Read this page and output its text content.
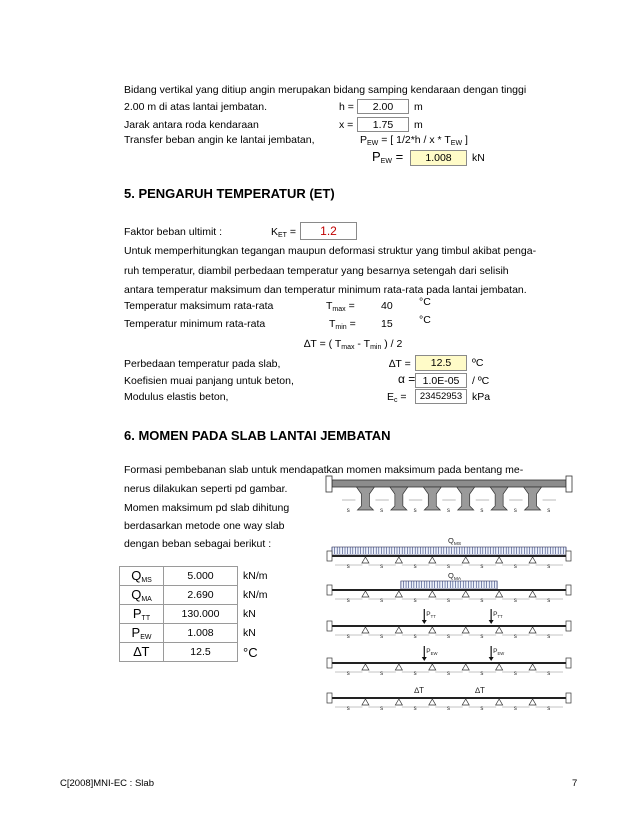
Bidang vertikal yang ditiup angin merupakan bidang samping kendaraan dengan tinggi
2.00 m di atas lantai jembatan.	h =	2.00	m
Jarak antara roda kendaraan	x =	1.75	m
Transfer beban angin ke lantai jembatan,	$P_{EW}$ = [ 1/2*h / x * $T_{EW}$ ]
$P_{EW}$ =	1.008	kN
5. PENGARUH TEMPERATUR (ET)
Faktor beban ultimit :	$K_{ET}$ =	1.2
Untuk memperhitungkan tegangan maupun deformasi struktur yang timbul akibat penga-
ruh temperatur, diambil perbedaan temperatur yang besarnya setengah dari selisih
antara temperatur maksimum dan temperatur minimum rata-rata pada lantai jembatan.
Temperatur maksimum rata-rata	$T_{max}$ =	40	°C
Temperatur minimum rata-rata	$T_{min} = 15$	°C
∆T = ( $T_{max} - T_{min}$ ) / 2
Perbedaan temperatur pada slab,	∆T =	12.5	ºC
Koefisien muai panjang untuk beton,	α = 1.0E-05	/ ºC
Modulus elastis beton,	$E_c$ =	23452953 kPa
6. MOMEN PADA SLAB LANTAI JEMBATAN
Formasi pembebanan slab untuk mendapatkan momen maksimum pada bentang me-
nerus dilakukan seperti pd gambar.
Momen maksimum pd slab dihitung
berdasarkan metode one way slab
dengan beban sebagai berikut :
$Q_{MS}$	5.000	kN/m
$Q_{MA}$	2.690	kN/m
$P_{TT}$	130.000	kN
$P_{EW}$	1.008	kN
∆T	12.5	°C
s	s	s	s	s	s	s
$Q_{MS}$
s	s	s	s	s	s	s
$Q_{MA}$
s	s	s	s	s	s	s
$P_{TT}$	$P_{TT}$
s	s	s	s	s	s	s
$P_{EW}$	$P_{EW}$
s	s	s	s	s	s	s
∆T	∆T
s	s	s	s	s	s	s
C[2008]MNI-EC : Slab	7
